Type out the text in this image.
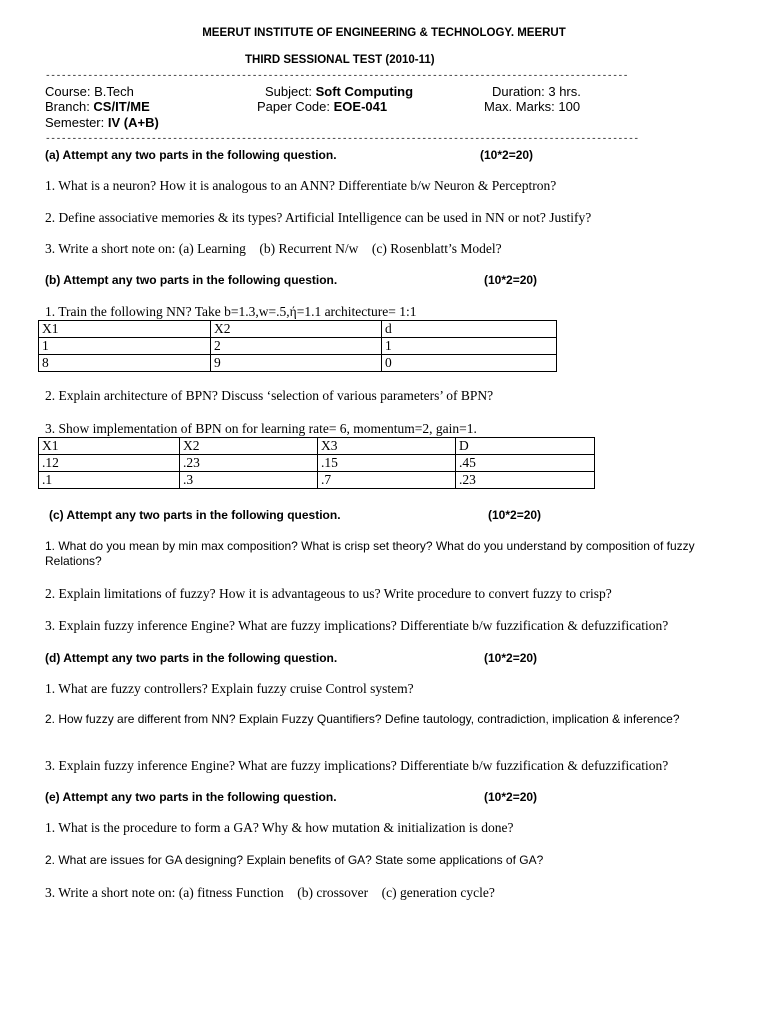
MEERUT INSTITUTE OF ENGINEERING & TECHNOLOGY. MEERUT
THIRD SESSIONAL TEST (2010-11)
--------------------------------------------------------------------------------------------------------------
Course: B.Tech	Subject: Soft Computing	Duration: 3 hrs.
Branch: CS/IT/ME	Paper Code: EOE-041	Max. Marks: 100
Semester: IV (A+B)
----------------------------------------------------------------------------------------------------------------
(a) Attempt any two parts in the following question.	(10*2=20)
1. What is a neuron? How it is analogous to an ANN? Differentiate b/w Neuron & Perceptron?
2. Define associative memories & its types? Artificial Intelligence can be used in NN or not? Justify?
3. Write a short note on: (a) Learning    (b) Recurrent N/w    (c) Rosenblatt’s Model?
(b) Attempt any two parts in the following question.	(10*2=20)
1. Train the following NN? Take b=1.3,w=.5,ή=1.1 architecture= 1:1
X1	X2	d
1	2	1
8	9	0
2. Explain architecture of BPN? Discuss ‘selection of various parameters’ of BPN?
3. Show implementation of BPN on for learning rate= 6, momentum=2, gain=1.
X1	X2	X3	D
.12	.23	.15	.45
.1	.3	.7	.23
(c) Attempt any two parts in the following question.	(10*2=20)
1. What do you mean by min max composition? What is crisp set theory? What do you understand by composition of fuzzy Relations?
2. Explain limitations of fuzzy? How it is advantageous to us? Write procedure to convert fuzzy to crisp?
3. Explain fuzzy inference Engine? What are fuzzy implications? Differentiate b/w fuzzification & defuzzification?
(d) Attempt any two parts in the following question.	(10*2=20)
1. What are fuzzy controllers? Explain fuzzy cruise Control system?
2. How fuzzy are different from NN? Explain Fuzzy Quantifiers? Define tautology, contradiction, implication & inference?
3. Explain fuzzy inference Engine? What are fuzzy implications? Differentiate b/w fuzzification & defuzzification?
(e) Attempt any two parts in the following question.	(10*2=20)
1. What is the procedure to form a GA? Why & how mutation & initialization is done?
2. What are issues for GA designing? Explain benefits of GA? State some applications of GA?
3. Write a short note on: (a) fitness Function    (b) crossover    (c) generation cycle?
